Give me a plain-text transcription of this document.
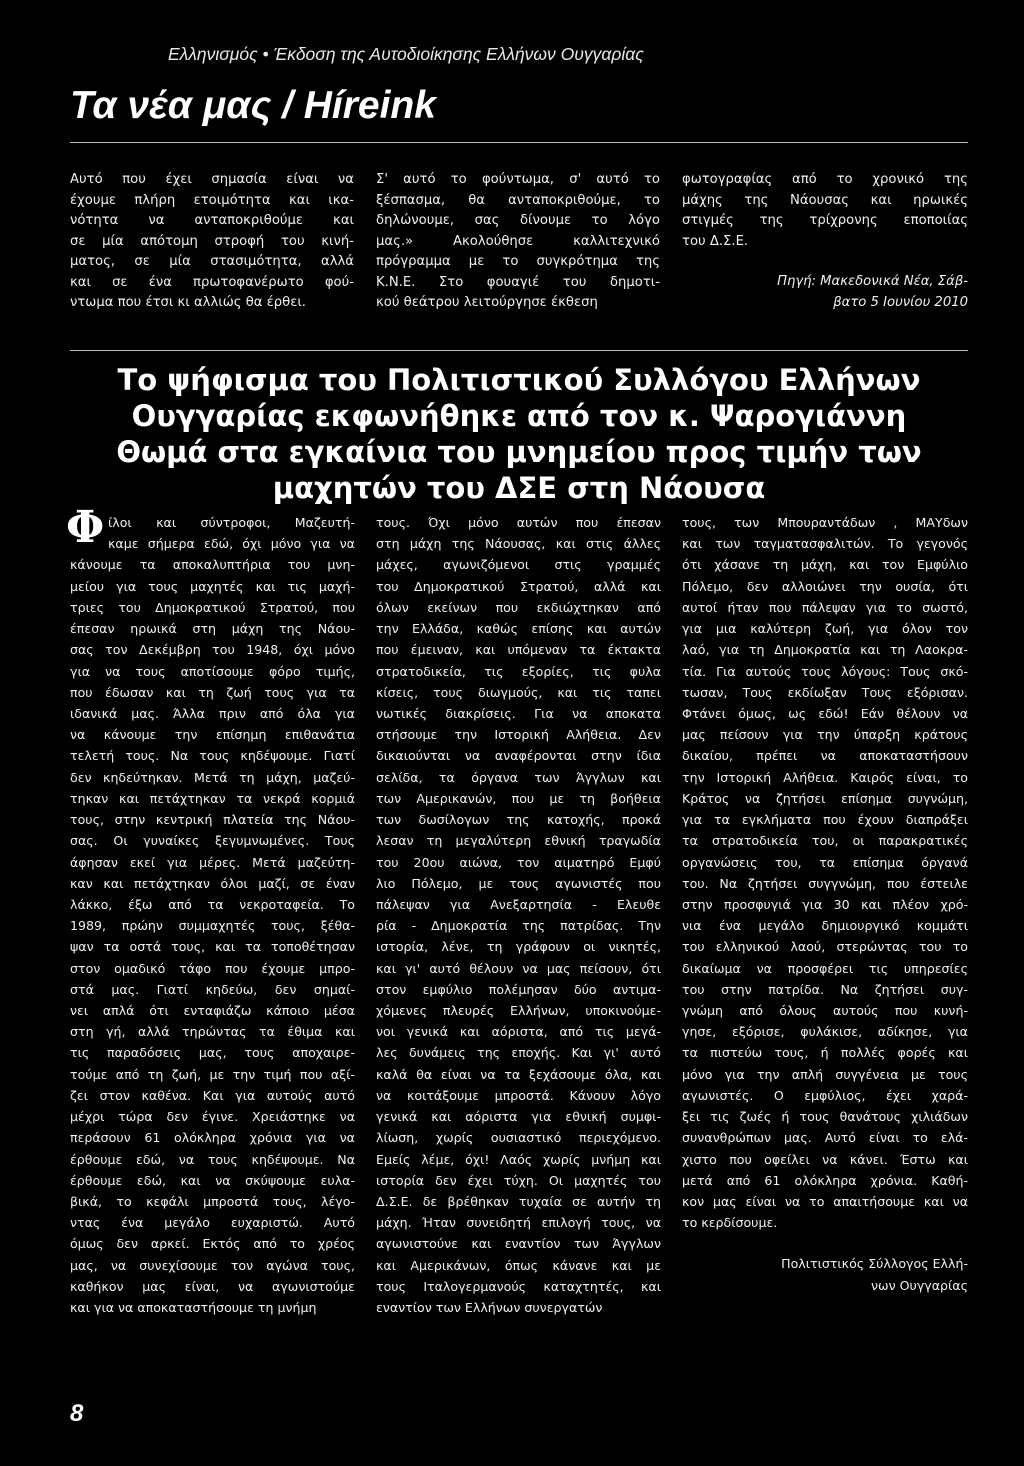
Ελληνισμός • Έκδοση της Αυτοδιοίκησης Ελλήνων Ουγγαρίας
Τα νέα μας / Híreink
Αυτό που έχει σημασία είναι να
έχουμε πλήρη ετοιμότητα και ικα-
νότητα να ανταποκριθούμε και
σε μία απότομη στροφή του κινή-
ματος, σε μία στασιμότητα, αλλά
και σε ένα πρωτοφανέρωτο φού-
ντωμα που έτσι κι αλλιώς θα έρθει.
Σ' αυτό το φούντωμα, σ' αυτό το
ξέσπασμα, θα ανταποκριθούμε, το
δηλώνουμε, σας δίνουμε το λόγο
μας.» Ακολούθησε καλλιτεχνικό
πρόγραμμα με το συγκρότημα της
Κ.Ν.Ε. Στο φουαγιέ του δημοτι-
κού θεάτρου λειτούργησε έκθεση
φωτογραφίας από το χρονικό της
μάχης της Νάουσας και ηρωικές
στιγμές της τρίχρονης εποποιίας
του Δ.Σ.Ε.
Πηγή: Μακεδονικά Νέα, Σάβ-
βατο 5 Ιουνίου 2010
Το ψήφισμα του Πολιτιστικού Συλλόγου Ελλήνων
Ουγγαρίας εκφωνήθηκε από τον κ. Ψαρογιάννη
Θωμά στα εγκαίνια του μνημείου προς τιμήν των
μαχητών του ΔΣΕ στη Νάουσα
Φ ίλοι και σύντροφοι, Μαζευτή-
καμε σήμερα εδώ, όχι μόνο για να
κάνουμε τα αποκαλυπτήρια του μνη-
μείου για τους μαχητές και τις μαχή-
τριες του Δημοκρατικού Στρατού, που
έπεσαν ηρωικά στη μάχη της Νάου-
σας τον Δεκέμβρη του 1948, όχι μόνο
για να τους αποτίσουμε φόρο τιμής,
που έδωσαν και τη ζωή τους για τα
ιδανικά μας. Άλλα πριν από όλα για
να κάνουμε την επίσημη επιθανάτια
τελετή τους. Να τους κηδέψουμε. Γιατί
δεν κηδεύτηκαν. Μετά τη μάχη, μαζεύ-
τηκαν και πετάχτηκαν τα νεκρά κορμιά
τους, στην κεντρική πλατεία της Νάου-
σας. Οι γυναίκες ξεγυμνωμένες. Τους
άφησαν εκεί για μέρες. Μετά μαζεύτη-
καν και πετάχτηκαν όλοι μαζί, σε έναν
λάκκο, έξω από τα νεκροταφεία. Το
1989, πρώην συμμαχητές τους, ξέθα-
ψαν τα οστά τους, και τα τοποθέτησαν
στον ομαδικό τάφο που έχουμε μπρο-
στά μας. Γιατί κηδεύω, δεν σημαί-
νει απλά ότι ενταφιάζω κάποιο μέσα
στη γή, αλλά τηρώντας τα έθιμα και
τις παραδόσεις μας, τους αποχαιρε-
τούμε από τη ζωή, με την τιμή που αξί-
ζει στον καθένα. Και για αυτούς αυτό
μέχρι τώρα δεν έγινε. Χρειάστηκε να
περάσουν 61 ολόκληρα χρόνια για να
έρθουμε εδώ, να τους κηδέψουμε. Να
έρθουμε εδώ, και να σκύψουμε ευλα-
βικά, το κεφάλι μπροστά τους, λέγο-
ντας ένα μεγάλο ευχαριστώ. Αυτό
όμως δεν αρκεί. Εκτός από το χρέος
μας, να συνεχίσουμε τον αγώνα τους,
καθήκον μας είναι, να αγωνιστούμε
και για να αποκαταστήσουμε τη μνήμη
τους. Όχι μόνο αυτών που έπεσαν
στη μάχη της Νάουσας, και στις άλλες
μάχες, αγωνιζόμενοι στις γραμμές
του Δημοκρατικού Στρατού, αλλά και
όλων εκείνων που εκδιώχτηκαν από
την Ελλάδα, καθώς επίσης και αυτών
που έμειναν, και υπόμεναν τα έκτακτα
στρατοδικεία, τις εξορίες, τις φυλα
κίσεις, τους διωγμούς, και τις ταπει
νωτικές διακρίσεις. Για να αποκατα
στήσουμε την Ιστορική Αλήθεια. Δεν
δικαιούνται να αναφέρονται στην ίδια
σελίδα, τα όργανα των Άγγλων και
των Αμερικανών, που με τη βοήθεια
των δωσίλογων της κατοχής, προκά
λεσαν τη μεγαλύτερη εθνική τραγωδία
του 20ου αιώνα, τον αιματηρό Εμφύ
λιο Πόλεμο, με τους αγωνιστές που
πάλεψαν για Ανεξαρτησία - Ελευθε
ρία - Δημοκρατία της πατρίδας. Την
ιστορία, λένε, τη γράφουν οι νικητές,
και γι' αυτό θέλουν να μας πείσουν, ότι
στον εμφύλιο πολέμησαν δύο αντιμα-
χόμενες πλευρές Ελλήνων, υποκινούμε-
νοι γενικά και αόριστα, από τις μεγά-
λες δυνάμεις της εποχής. Και γι' αυτό
καλά θα είναι να τα ξεχάσουμε όλα, και
να κοιτάξουμε μπροστά. Κάνουν λόγο
γενικά και αόριστα για εθνική συμφι-
λίωση, χωρίς ουσιαστικό περιεχόμενο.
Εμείς λέμε, όχι! Λαός χωρίς μνήμη και
ιστορία δεν έχει τύχη. Οι μαχητές του
Δ.Σ.Ε. δε βρέθηκαν τυχαία σε αυτήν τη
μάχη. Ήταν συνειδητή επιλογή τους, να
αγωνιστούνε και εναντίον των Άγγλων
και Αμερικάνων, όπως κάνανε και με
τους Ιταλογερμανούς καταχτητές, και
εναντίον των Ελλήνων συνεργατών
τους, των Μπουραντάδων , ΜΑΥδων
και των ταγματασφαλιτών. Το γεγονός
ότι χάσανε τη μάχη, και τον Εμφύλιο
Πόλεμο, δεν αλλοιώνει την ουσία, ότι
αυτοί ήταν που πάλεψαν για το σωστό,
για μια καλύτερη ζωή, για όλον τον
λαό, για τη Δημοκρατία και τη Λαοκρα-
τία. Για αυτούς τους λόγους: Τους σκό-
τωσαν, Τους εκδίωξαν Τους εξόρισαν.
Φτάνει όμως, ως εδώ! Εάν θέλουν να
μας πείσουν για την ύπαρξη κράτους
δικαίου, πρέπει να αποκαταστήσουν
την Ιστορική Αλήθεια. Καιρός είναι, το
Κράτος να ζητήσει επίσημα συγνώμη,
για τα εγκλήματα που έχουν διαπράξει
τα στρατοδικεία του, οι παρακρατικές
οργανώσεις του, τα επίσημα όργανά
του. Να ζητήσει συγγνώμη, που έστειλε
στην προσφυγιά για 30 και πλέον χρό-
νια ένα μεγάλο δημιουργικό κομμάτι
του ελληνικού λαού, στερώντας του το
δικαίωμα να προσφέρει τις υπηρεσίες
του στην πατρίδα. Να ζητήσει συγ-
γνώμη από όλους αυτούς που κυνή-
γησε, εξόρισε, φυλάκισε, αδίκησε, για
τα πιστεύω τους, ή πολλές φορές και
μόνο για την απλή συγγένεια με τους
αγωνιστές. Ο εμφύλιος, έχει χαρά-
ξει τις ζωές ή τους θανάτους χιλιάδων
συνανθρώπων μας. Αυτό είναι το ελά-
χιστο που οφείλει να κάνει. Έστω και
μετά από 61 ολόκληρα χρόνια. Καθή-
κον μας είναι να το απαιτήσουμε και να
το κερδίσουμε.
Πολιτιστικός Σύλλογος Ελλή-
νων Ουγγαρίας
8
